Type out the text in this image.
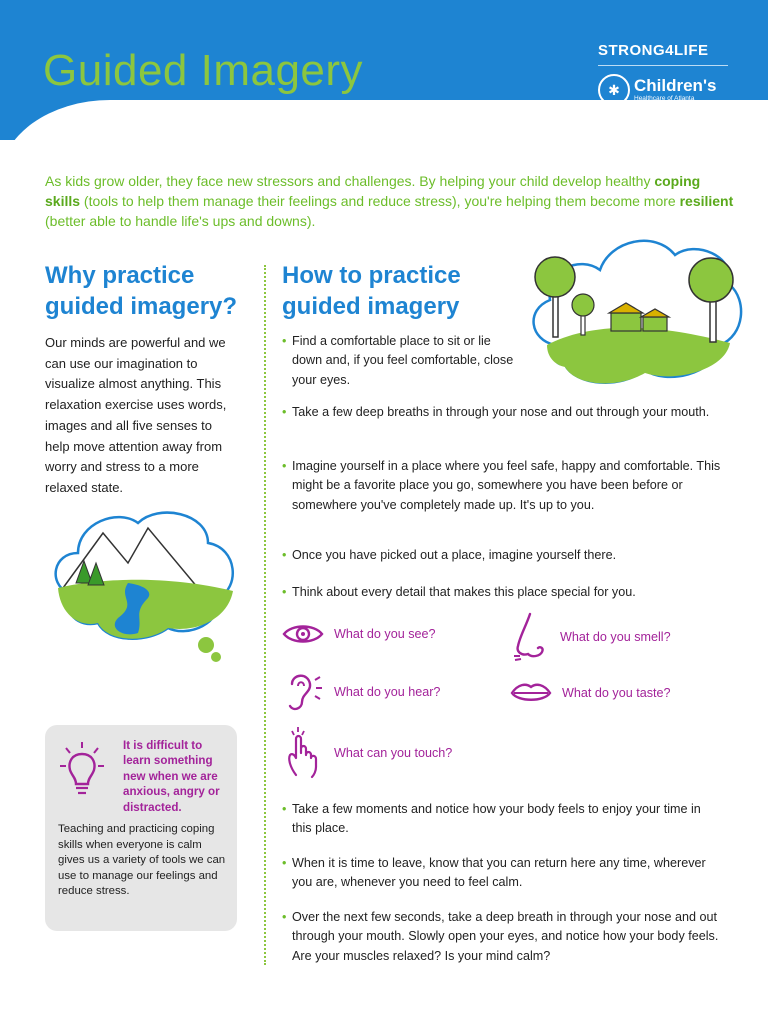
Guided Imagery	STRONG4LIFE
✱ Children's
Healthcare of Atlanta

As kids grow older, they face new stressors and challenges. By helping your child develop healthy coping skills (tools to help them manage their feelings and reduce stress), you're helping them become more resilient (better able to handle life's ups and downs).

Why practice guided imagery?
How to practice guided imagery

Our minds are powerful and we can use our imagination to visualize almost anything. This relaxation exercise uses words, images and all five senses to help move attention away from worry and stress to a more relaxed state.

• Find a comfortable place to sit or lie down and, if you feel comfortable, close your eyes.
• Take a few deep breaths in through your nose and out through your mouth.
• Imagine yourself in a place where you feel safe, happy and comfortable. This might be a favorite place you go, somewhere you have been before or somewhere you've completely made up. It's up to you.
• Once you have picked out a place, imagine yourself there.
• Think about every detail that makes this place special for you.
• Take a few moments and notice how your body feels to enjoy your time in this place.
• When it is time to leave, know that you can return here any time, wherever you are, whenever you need to feel calm.
• Over the next few seconds, take a deep breath in through your nose and out through your mouth. Slowly open your eyes, and notice how your body feels. Are your muscles relaxed? Is your mind calm?
What do you see?	What do you smell?
What do you hear?	What do you taste?
What can you touch?

It is difficult to learn something new when we are anxious, angry or distracted.

Teaching and practicing coping skills when everyone is calm gives us a variety of tools we can use to manage our feelings and reduce stress.
